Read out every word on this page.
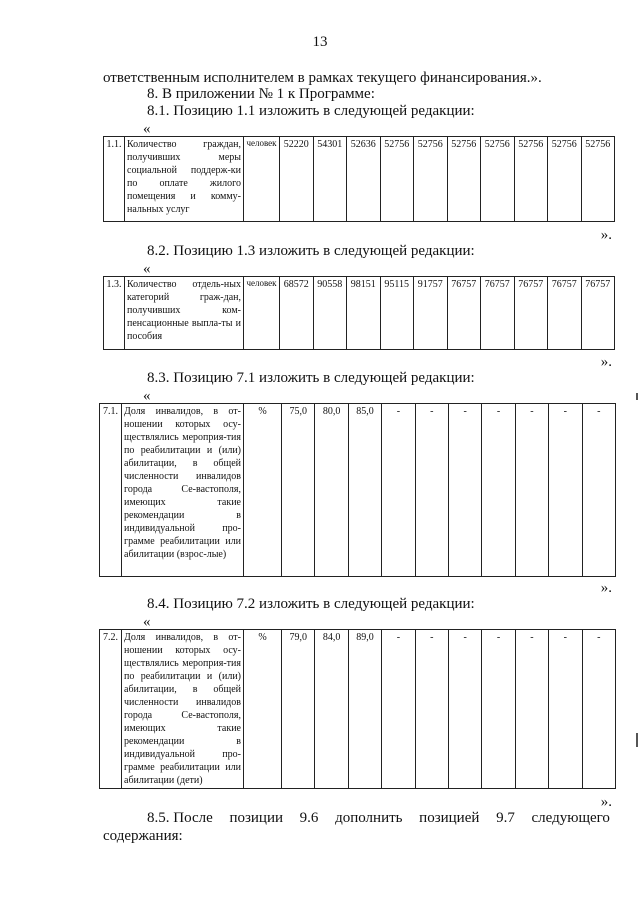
13
ответственным исполнителем в рамках текущего финансирования.».
8. В приложении № 1 к Программе:
8.1. Позицию 1.1 изложить в следующей редакции:
«
1.1.	Количество граждан, получивших меры социальной поддерж-ки по оплате жилого помещения и комму-нальных услуг	человек	52220	54301	52636	52756	52756	52756	52756	52756	52756	52756
».
8.2. Позицию 1.3 изложить в следующей редакции:
«
1.3.	Количество отдель-ных категорий граж-дан, получивших ком-пенсационные выпла-ты и пособия	человек	68572	90558	98151	95115	91757	76757	76757	76757	76757	76757
».
8.3. Позицию 7.1 изложить в следующей редакции:
«
7.1.	Доля инвалидов, в от-ношении которых осу-ществлялись мероприя-тия по реабилитации и (или) абилитации, в общей численности инвалидов города Се-вастополя, имеющих такие рекомендации в индивидуальной про-грамме реабилитации или абилитации (взрос-лые)	%	75,0	80,0	85,0	-	-	-	-	-	-	-
».
8.4. Позицию 7.2 изложить в следующей редакции:
«
7.2.	Доля инвалидов, в от-ношении которых осу-ществлялись мероприя-тия по реабилитации и (или) абилитации, в общей численности инвалидов города Се-вастополя, имеющих такие рекомендации в индивидуальной про-грамме реабилитации или абилитации (дети)	%	79,0	84,0	89,0	-	-	-	-	-	-	-
».
8.5. После позиции 9.6 дополнить позицией 9.7 следующего
содержания:
